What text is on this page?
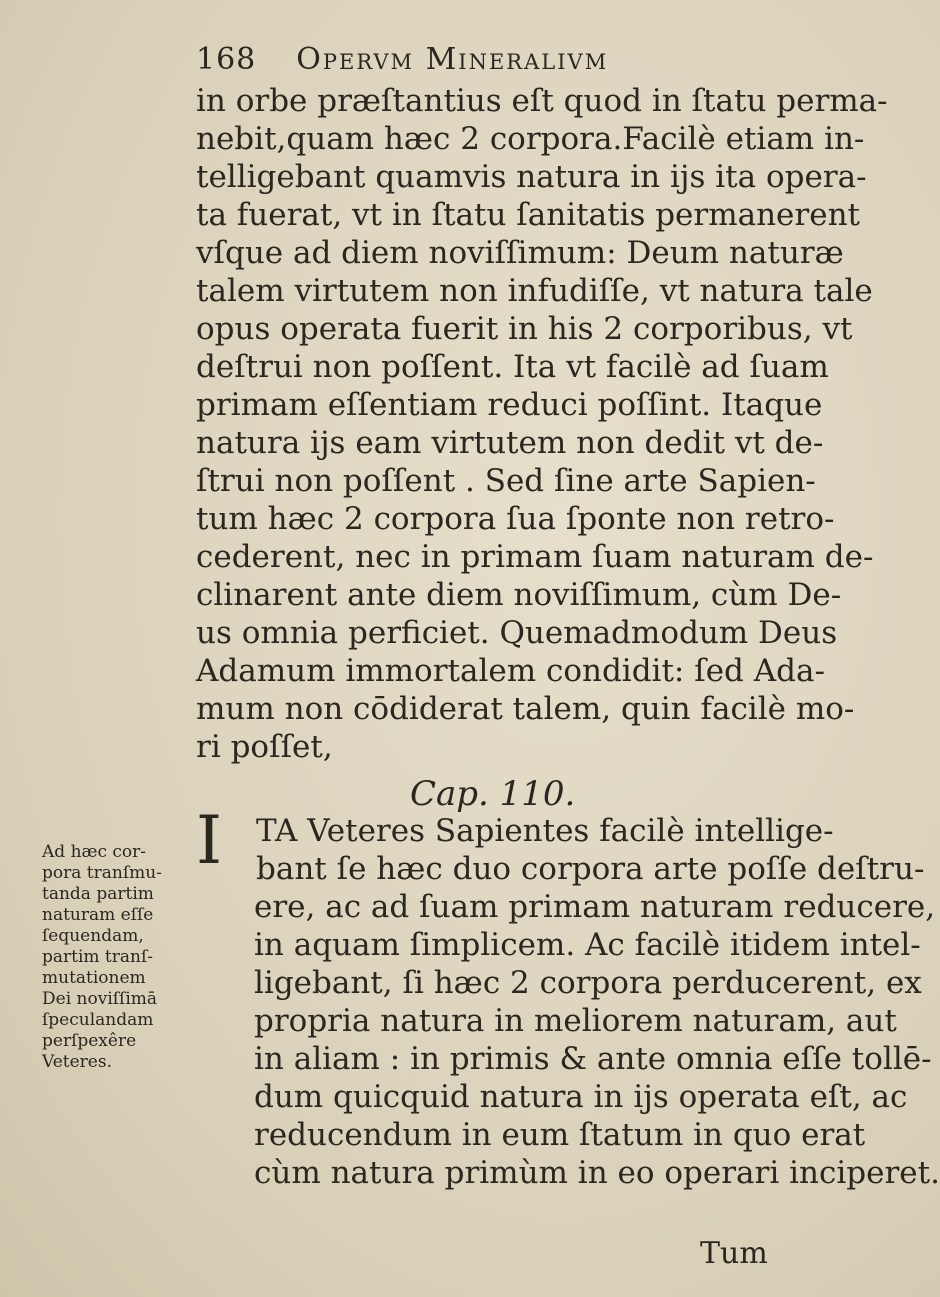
168 Opervm Mineralivm
in orbe præſtantius eſt quod in ſtatu perma-
nebit,quam hæc 2 corpora.Facilè etiam in-
telligebant quamvis natura in ijs ita opera-
ta fuerat, vt in ſtatu ſanitatis permanerent
vſque ad diem noviſſimum: Deum naturæ
talem virtutem non infudiſſe, vt natura tale
opus operata fuerit in his 2 corporibus, vt
deſtrui non poſſent. Ita vt facilè ad ſuam
primam eſſentiam reduci poſſint. Itaque
natura ijs eam virtutem non dedit vt de-
ſtrui non poſſent . Sed ſine arte Sapien-
tum hæc 2 corpora ſua ſponte non retro-
cederent, nec in primam ſuam naturam de-
clinarent ante diem noviſſimum, cùm De-
us omnia perficiet. Quemadmodum Deus
Adamum immortalem condidit: ſed Ada-
mum non cōdiderat talem, quin facilè mo-
ri poſſet,
Cap. 110.
I TA Veteres Sapientes facilè intellige-
bant ſe hæc duo corpora arte poſſe deſtru-
ere, ac ad ſuam primam naturam reducere,
in aquam ſimplicem. Ac facilè itidem intel-
ligebant, ſi hæc 2 corpora perducerent, ex
propria natura in meliorem naturam, aut
in aliam : in primis & ante omnia eſſe tollē-
dum quicquid natura in ijs operata eſt, ac
reducendum in eum ſtatum in quo erat
cùm natura primùm in eo operari inciperet.
Ad hæc cor-
pora tranſmu-
tanda partim
naturam eſſe
ſequendam,
partim tranſ-
mutationem
Dei noviſſimā
ſpeculandam
perſpexêre
Veteres.
Tum
